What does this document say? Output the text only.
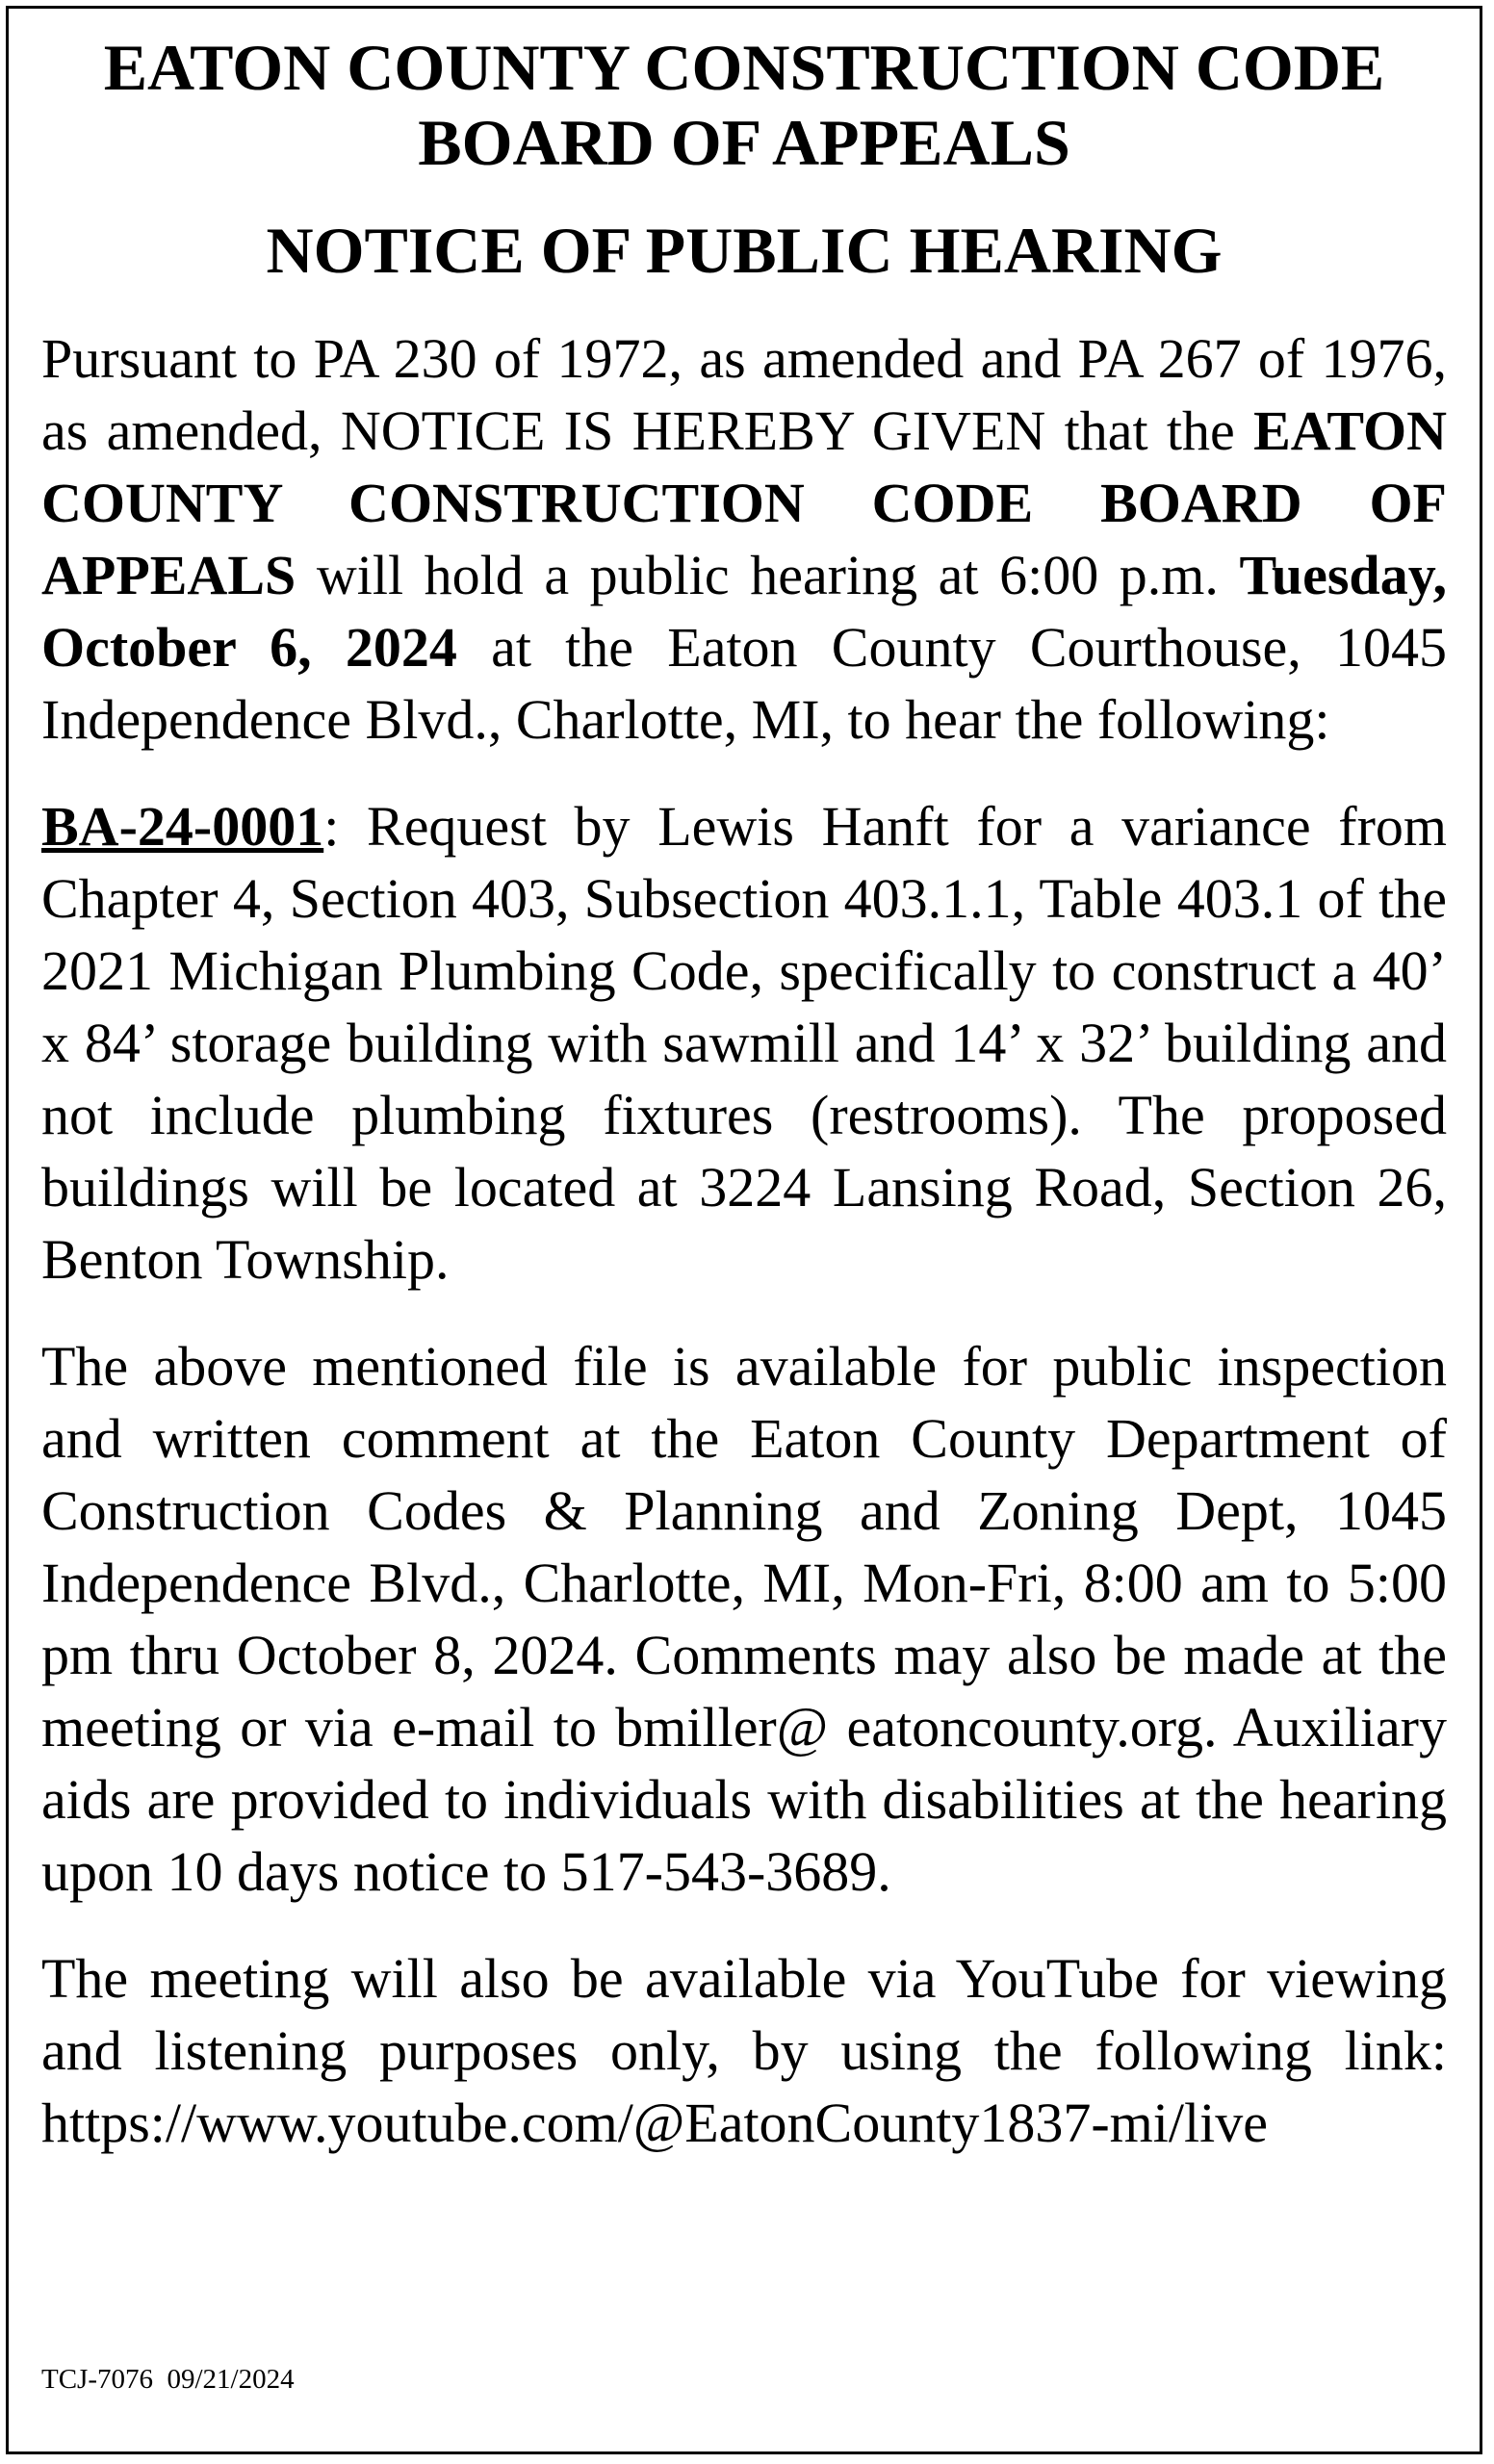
EATON COUNTY CONSTRUCTION CODE
BOARD OF APPEALS
NOTICE OF PUBLIC HEARING

Pursuant to PA 230 of 1972, as amended and PA 267 of 1976, as amended, NOTICE IS HEREBY GIVEN that the EATON COUNTY CONSTRUCTION CODE BOARD OF APPEALS will hold a public hearing at 6:00 p.m. Tuesday, October 6, 2024 at the Eaton County Courthouse, 1045 Independence Blvd., Charlotte, MI, to hear the following:

BA-24-0001: Request by Lewis Hanft for a variance from Chapter 4, Section 403, Subsection 403.1.1, Table 403.1 of the 2021 Michigan Plumbing Code, specifically to construct a 40’ x 84’ storage building with sawmill and 14’ x 32’ building and not include plumbing fixtures (restrooms). The proposed buildings will be located at 3224 Lansing Road, Section 26, Benton Township.

The above mentioned file is available for public inspection and written comment at the Eaton County Department of Construction Codes & Planning and Zoning Dept, 1045 Independence Blvd., Charlotte, MI, Mon-Fri, 8:00 am to 5:00 pm thru October 8, 2024. Comments may also be made at the meeting or via e-mail to bmiller@ eatoncounty.org. Auxiliary aids are provided to individuals with disabilities at the hearing upon 10 days notice to 517-543-3689.

The meeting will also be available via YouTube for viewing and listening purposes only, by using the following link: https://www.youtube.com/@EatonCounty1837-mi/live

TCJ-7076  09/21/2024
